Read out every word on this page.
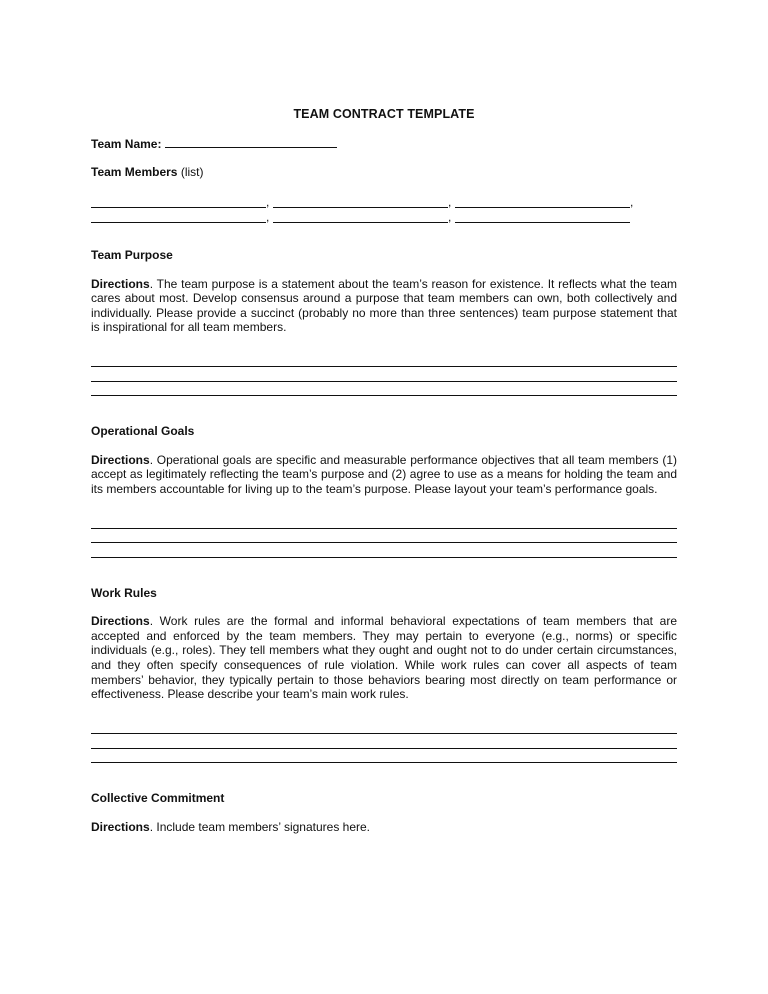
TEAM CONTRACT TEMPLATE
Team Name:
Team Members (list)
,	,	,
,	,
Team Purpose
Directions. The team purpose is a statement about the team’s reason for existence. It reflects what the team cares about most. Develop consensus around a purpose that team members can own, both collectively and individually. Please provide a succinct (probably no more than three sentences) team purpose statement that is inspirational for all team members.
Operational Goals
Directions. Operational goals are specific and measurable performance objectives that all team members (1) accept as legitimately reflecting the team’s purpose and (2) agree to use as a means for holding the team and its members accountable for living up to the team’s purpose. Please layout your team’s performance goals.
Work Rules
Directions. Work rules are the formal and informal behavioral expectations of team members that are accepted and enforced by the team members. They may pertain to everyone (e.g., norms) or specific individuals (e.g., roles). They tell members what they ought and ought not to do under certain circumstances, and they often specify consequences of rule violation. While work rules can cover all aspects of team members’ behavior, they typically pertain to those behaviors bearing most directly on team performance or effectiveness. Please describe your team’s main work rules.
Collective Commitment
Directions. Include team members’ signatures here.
